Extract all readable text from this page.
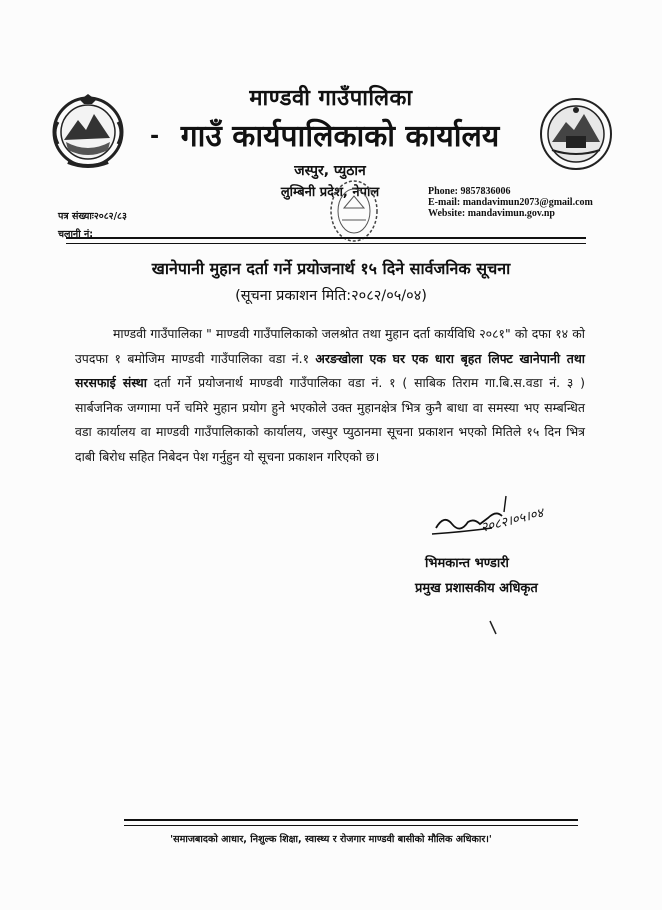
-
माण्डवी गाउँपालिका
गाउँ कार्यपालिकाको कार्यालय
जस्पुर, प्युठान
लुम्बिनी प्रदेश, नेपाल	Phone: 9857836006
E-mail: mandavimun2073@gmail.com
Website: mandavimun.gov.np
पत्र संख्याः२०८२/८३
चलानी नं:
खानेपानी मुहान दर्ता गर्ने प्रयोजनार्थ १५ दिने सार्वजनिक सूचना
(सूचना प्रकाशन मिति:२०८२/०५/०४)

माण्डवी गाउँपालिका " माण्डवी गाउँपालिकाको जलश्रोत तथा मुहान दर्ता कार्यविधि २०८१" को दफा १४ को उपदफा १ बमोजिम माण्डवी गाउँपालिका वडा नं.१ अरङखोला एक घर एक धारा बृहत लिफ्ट खानेपानी तथा सरसफाई संस्था दर्ता गर्ने प्रयोजनार्थ माण्डवी गाउँपालिका वडा नं. १ ( साबिक तिराम गा.बि.स.वडा नं. ३ ) सार्बजनिक जग्गामा पर्ने चमिरे मुहान प्रयोग हुने भएकोले उक्त मुहानक्षेत्र भित्र कुनै बाधा वा समस्या भए सम्बन्धित वडा कार्यालय वा माण्डवी गाउँपालिकाको कार्यालय, जस्पुर प्युठानमा सूचना प्रकाशन भएको मितिले १५ दिन भित्र दाबी बिरोध सहित निबेदन पेश गर्नुहुन यो सूचना प्रकाशन गरिएको छ।

२०८२।०५।०४
भिमकान्त भण्डारी
प्रमुख प्रशासकीय अधिकृत
'समाजबादको आधार, निशुल्क शिक्षा, स्वास्थ्य र रोजगार माण्डवी बासीको मौलिक अधिकार।'
